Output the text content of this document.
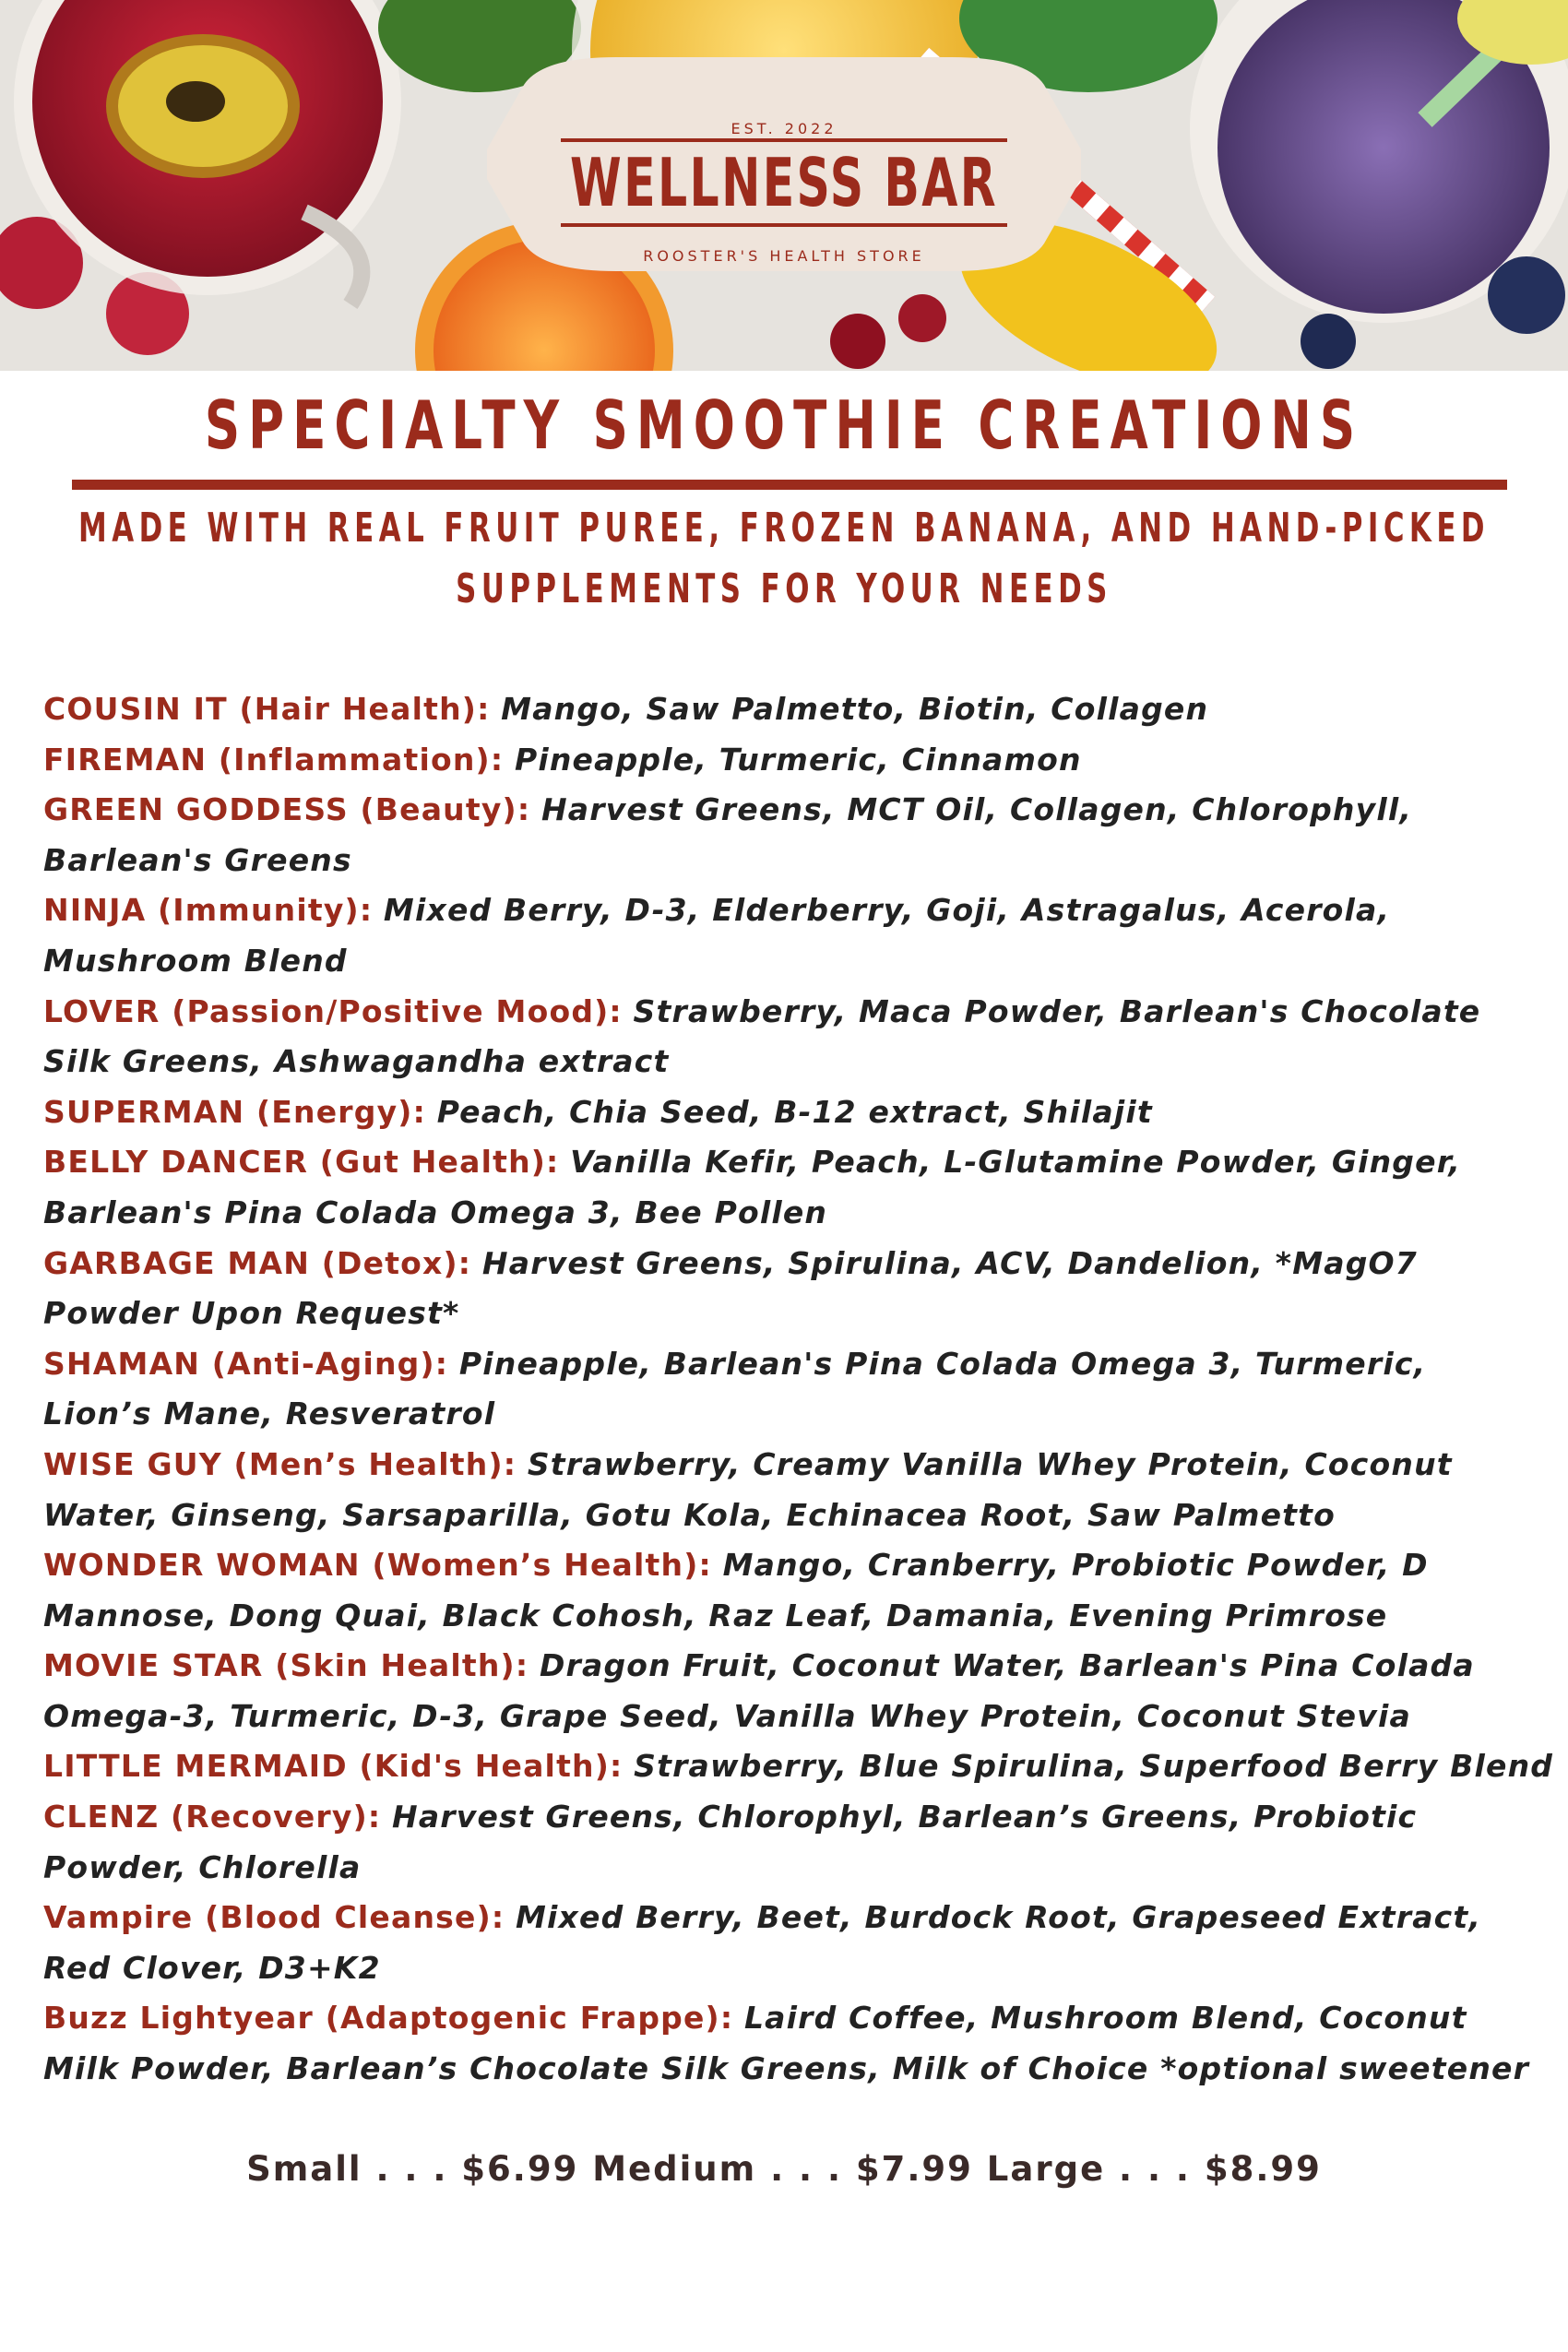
EST. 2022
WELLNESS BAR
ROOSTER'S HEALTH STORE
SPECIALTY SMOOTHIE CREATIONS
MADE WITH REAL FRUIT PUREE, FROZEN BANANA, AND HAND-PICKED
SUPPLEMENTS FOR YOUR NEEDS
COUSIN IT (Hair Health): Mango, Saw Palmetto, Biotin, Collagen
FIREMAN (Inflammation): Pineapple, Turmeric, Cinnamon
GREEN GODDESS (Beauty): Harvest Greens, MCT Oil, Collagen, Chlorophyll,
Barlean's Greens
NINJA (Immunity): Mixed Berry, D-3, Elderberry, Goji, Astragalus, Acerola,
Mushroom Blend
LOVER (Passion/Positive Mood): Strawberry, Maca Powder, Barlean's Chocolate
Silk Greens, Ashwagandha extract
SUPERMAN (Energy): Peach, Chia Seed, B-12 extract, Shilajit
BELLY DANCER (Gut Health): Vanilla Kefir, Peach, L-Glutamine Powder, Ginger,
Barlean's Pina Colada Omega 3, Bee Pollen
GARBAGE MAN (Detox): Harvest Greens, Spirulina, ACV, Dandelion, *MagO7
Powder Upon Request*
SHAMAN (Anti-Aging): Pineapple, Barlean's Pina Colada Omega 3, Turmeric,
Lion’s Mane, Resveratrol
WISE GUY (Men’s Health): Strawberry, Creamy Vanilla Whey Protein, Coconut
Water, Ginseng, Sarsaparilla, Gotu Kola, Echinacea Root, Saw Palmetto
WONDER WOMAN (Women’s Health): Mango, Cranberry, Probiotic Powder, D
Mannose, Dong Quai, Black Cohosh, Raz Leaf, Damania, Evening Primrose
MOVIE STAR (Skin Health): Dragon Fruit, Coconut Water, Barlean's Pina Colada
Omega-3, Turmeric, D-3, Grape Seed, Vanilla Whey Protein, Coconut Stevia
LITTLE MERMAID (Kid's Health): Strawberry, Blue Spirulina, Superfood Berry Blend
CLENZ (Recovery): Harvest Greens, Chlorophyl, Barlean’s Greens, Probiotic
Powder, Chlorella
Vampire (Blood Cleanse): Mixed Berry, Beet, Burdock Root, Grapeseed Extract,
Red Clover, D3+K2
Buzz Lightyear (Adaptogenic Frappe): Laird Coffee, Mushroom Blend, Coconut
Milk Powder, Barlean’s Chocolate Silk Greens, Milk of Choice *optional sweetener
Small . . . $6.99 Medium . . . $7.99 Large . . . $8.99
